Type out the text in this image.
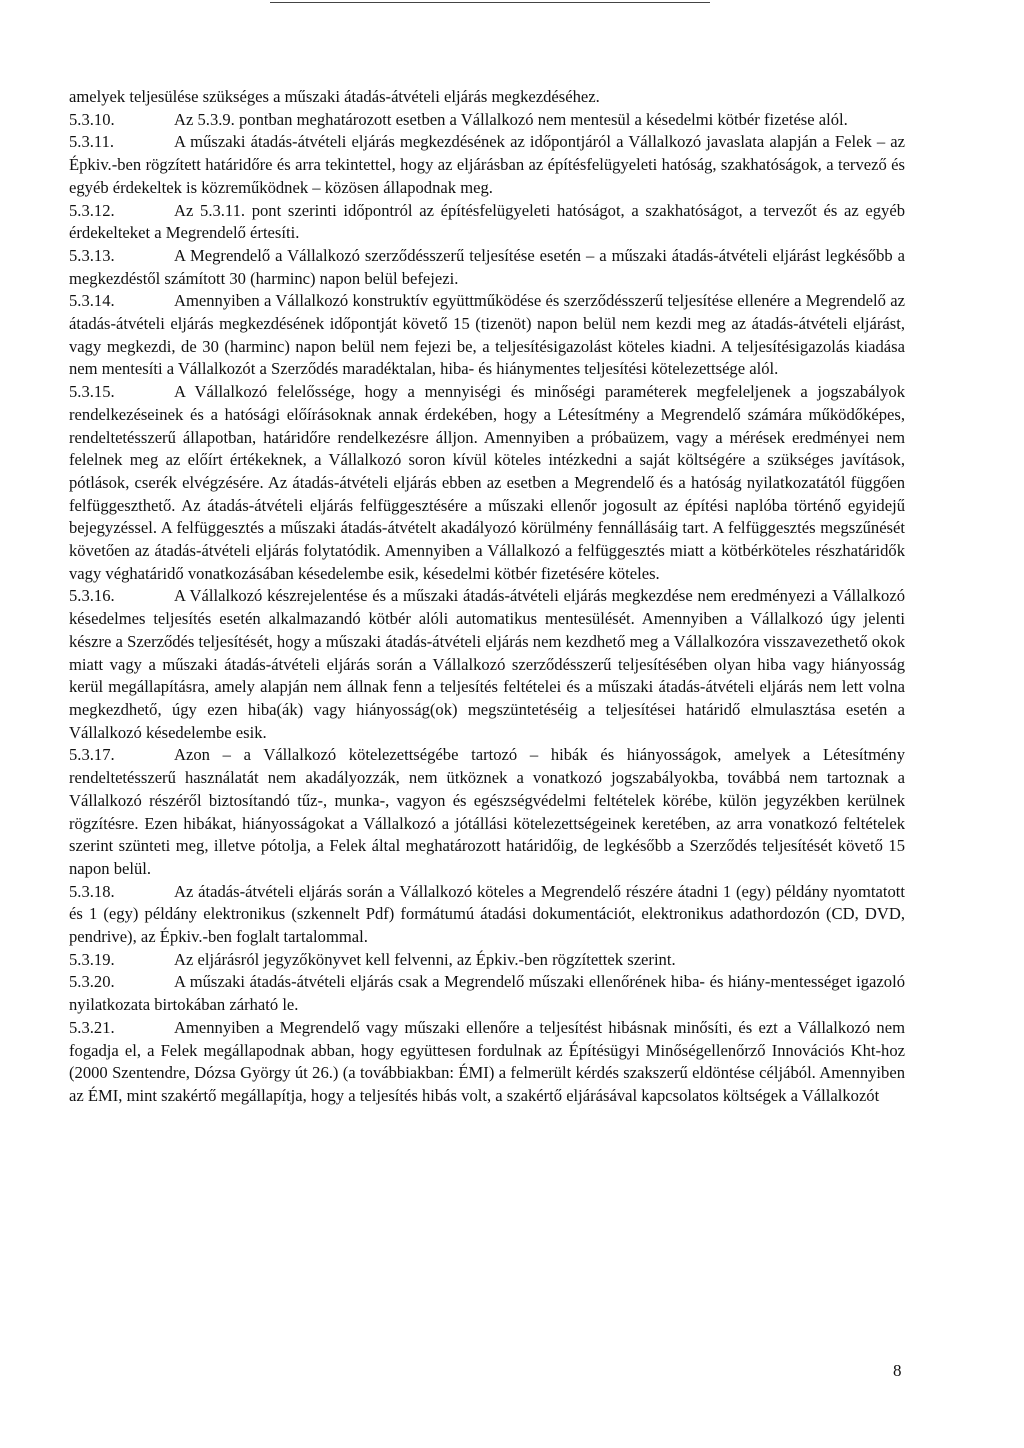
amelyek teljesülése szükséges a műszaki átadás-átvételi eljárás megkezdéséhez.

5.3.10.	Az 5.3.9. pontban meghatározott esetben a Vállalkozó nem mentesül a késedelmi kötbér fizetése alól.

5.3.11.	A műszaki átadás-átvételi eljárás megkezdésének az időpontjáról a Vállalkozó javaslata alapján a Felek – az Épkiv.-ben rögzített határidőre és arra tekintettel, hogy az eljárásban az építésfelügyeleti hatóság, szakhatóságok, a tervező és egyéb érdekeltek is közreműködnek – közösen állapodnak meg.

5.3.12.	Az 5.3.11. pont szerinti időpontról az építésfelügyeleti hatóságot, a szakhatóságot, a tervezőt és az egyéb érdekelteket a Megrendelő értesíti.

5.3.13.	A Megrendelő a Vállalkozó szerződésszerű teljesítése esetén – a műszaki átadás-átvételi eljárást legkésőbb a megkezdéstől számított 30 (harminc) napon belül befejezi.

5.3.14.	Amennyiben a Vállalkozó konstruktív együttműködése és szerződésszerű teljesítése ellenére a Megrendelő az átadás-átvételi eljárás megkezdésének időpontját követő 15 (tizenöt) napon belül nem kezdi meg az átadás-átvételi eljárást, vagy megkezdi, de 30 (harminc) napon belül nem fejezi be, a teljesítésigazolást köteles kiadni. A teljesítésigazolás kiadása nem mentesíti a Vállalkozót a Szerződés maradéktalan, hiba- és hiánymentes teljesítési kötelezettsége alól.

5.3.15.	A Vállalkozó felelőssége, hogy a mennyiségi és minőségi paraméterek megfeleljenek a jogszabályok rendelkezéseinek és a hatósági előírásoknak annak érdekében, hogy a Létesítmény a Megrendelő számára működőképes, rendeltetésszerű állapotban, határidőre rendelkezésre álljon. Amennyiben a próbaüzem, vagy a mérések eredményei nem felelnek meg az előírt értékeknek, a Vállalkozó soron kívül köteles intézkedni a saját költségére a szükséges javítások, pótlások, cserék elvégzésére. Az átadás-átvételi eljárás ebben az esetben a Megrendelő és a hatóság nyilatkozatától függően felfüggeszthető. Az átadás-átvételi eljárás felfüggesztésére a műszaki ellenőr jogosult az építési naplóba történő egyidejű bejegyzéssel. A felfüggesztés a műszaki átadás-átvételt akadályozó körülmény fennállásáig tart. A felfüggesztés megszűnését követően az átadás-átvételi eljárás folytatódik. Amennyiben a Vállalkozó a felfüggesztés miatt a kötbérköteles részhatáridők vagy véghatáridő vonatkozásában késedelembe esik, késedelmi kötbér fizetésére köteles.

5.3.16.	A Vállalkozó készrejelentése és a műszaki átadás-átvételi eljárás megkezdése nem eredményezi a Vállalkozó késedelmes teljesítés esetén alkalmazandó kötbér alóli automatikus mentesülését. Amennyiben a Vállalkozó úgy jelenti készre a Szerződés teljesítését, hogy a műszaki átadás-átvételi eljárás nem kezdhető meg a Vállalkozóra visszavezethető okok miatt vagy a műszaki átadás-átvételi eljárás során a Vállalkozó szerződésszerű teljesítésében olyan hiba vagy hiányosság kerül megállapításra, amely alapján nem állnak fenn a teljesítés feltételei és a műszaki átadás-átvételi eljárás nem lett volna megkezdhető, úgy ezen hiba(ák) vagy hiányosság(ok) megszüntetéséig a teljesítései határidő elmulasztása esetén a Vállalkozó késedelembe esik.

5.3.17.	Azon – a Vállalkozó kötelezettségébe tartozó – hibák és hiányosságok, amelyek a Létesítmény rendeltetésszerű használatát nem akadályozzák, nem ütköznek a vonatkozó jogszabályokba, továbbá nem tartoznak a Vállalkozó részéről biztosítandó tűz-, munka-, vagyon és egészségvédelmi feltételek körébe, külön jegyzékben kerülnek rögzítésre. Ezen hibákat, hiányosságokat a Vállalkozó a jótállási kötelezettségeinek keretében, az arra vonatkozó feltételek szerint szünteti meg, illetve pótolja, a Felek által meghatározott határidőig, de legkésőbb a Szerződés teljesítését követő 15 napon belül.

5.3.18.	Az átadás-átvételi eljárás során a Vállalkozó köteles a Megrendelő részére átadni 1 (egy) példány nyomtatott és 1 (egy) példány elektronikus (szkennelt Pdf) formátumú átadási dokumentációt, elektronikus adathordozón (CD, DVD, pendrive), az Épkiv.-ben foglalt tartalommal.

5.3.19.	Az eljárásról jegyzőkönyvet kell felvenni, az Épkiv.-ben rögzítettek szerint.

5.3.20.	A műszaki átadás-átvételi eljárás csak a Megrendelő műszaki ellenőrének hiba- és hiány-mentességet igazoló nyilatkozata birtokában zárható le.

5.3.21.	Amennyiben a Megrendelő vagy műszaki ellenőre a teljesítést hibásnak minősíti, és ezt a Vállalkozó nem fogadja el, a Felek megállapodnak abban, hogy együttesen fordulnak az Építésügyi Minőségellenőrző Innovációs Kht-hoz (2000 Szentendre, Dózsa György út 26.) (a továbbiakban: ÉMI) a felmerült kérdés szakszerű eldöntése céljából. Amennyiben az ÉMI, mint szakértő megállapítja, hogy a teljesítés hibás volt, a szakértő eljárásával kapcsolatos költségek a Vállalkozót

8
